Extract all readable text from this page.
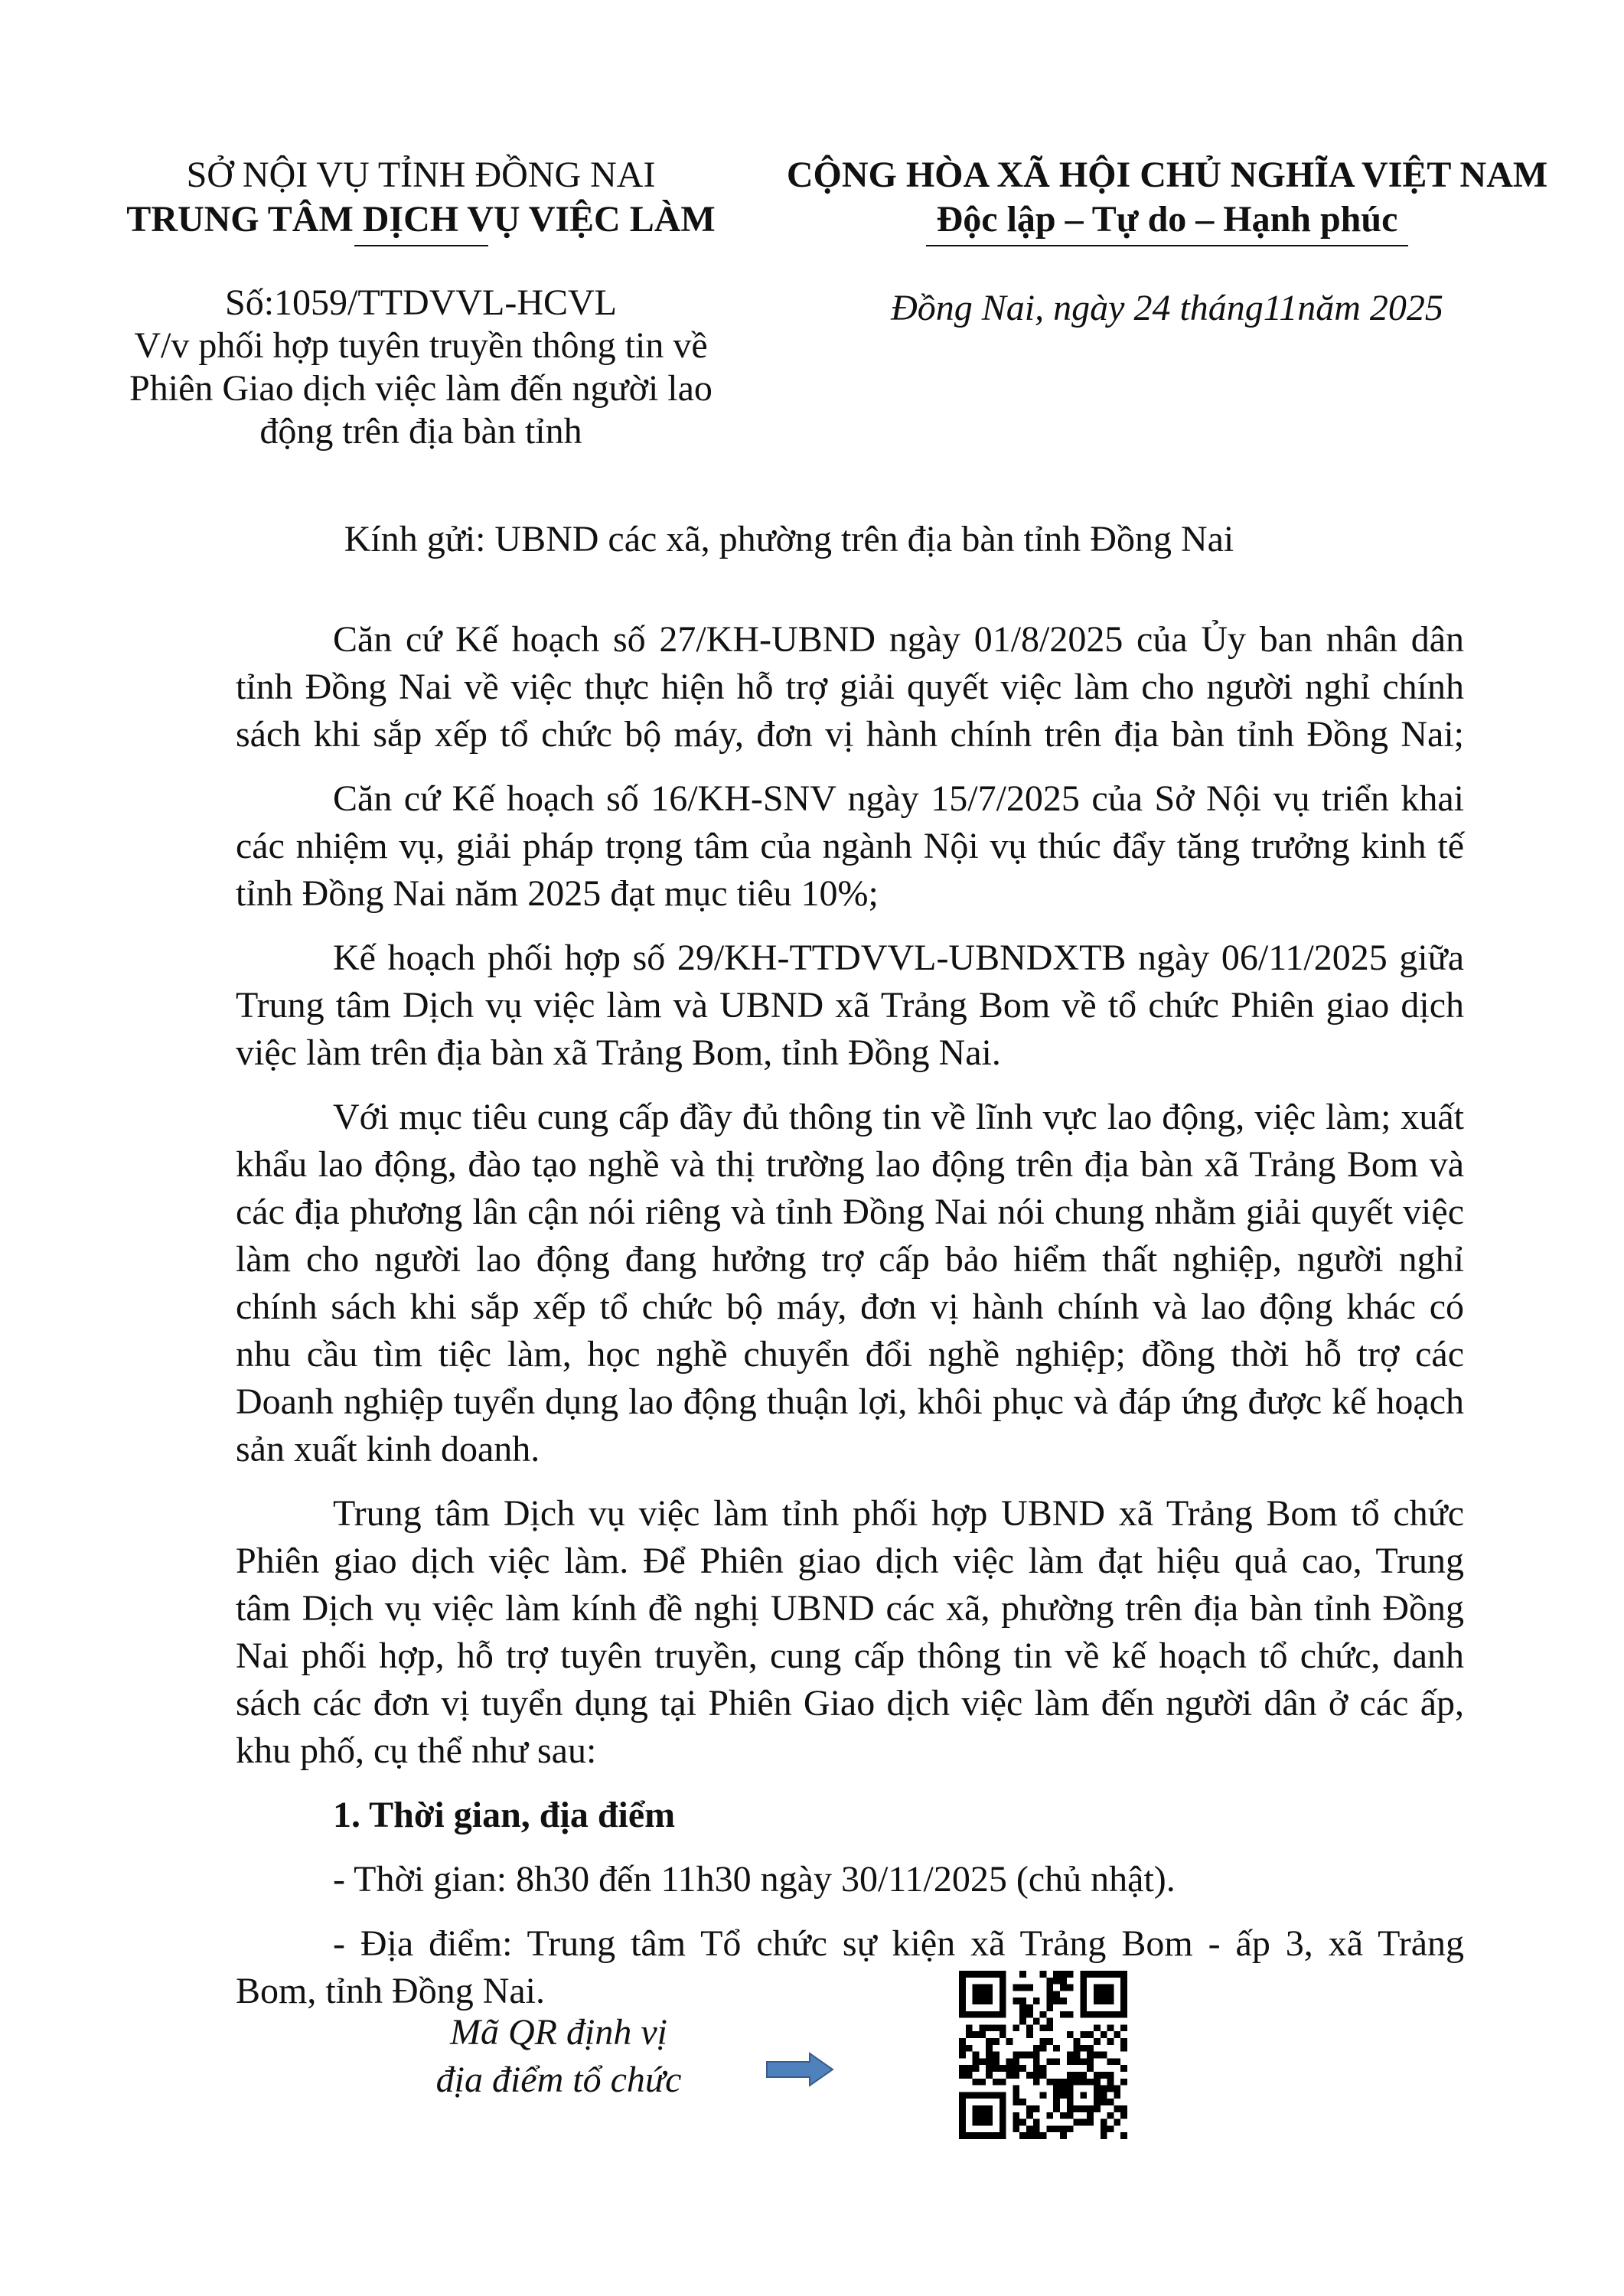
SỞ NỘI VỤ TỈNH ĐỒNG NAI
TRUNG TÂM DỊCH VỤ VIỆC LÀM
CỘNG HÒA XÃ HỘI CHỦ NGHĨA VIỆT NAM
Độc lập – Tự do – Hạnh phúc
Số:1059/TTDVVL-HCVL
V/v phối hợp tuyên truyền thông tin về
Phiên Giao dịch việc làm đến người lao
động trên địa bàn tỉnh
Đồng Nai, ngày 24 tháng11năm 2025
Kính gửi: UBND các xã, phường trên địa bàn tỉnh Đồng Nai
Căn cứ Kế hoạch số 27/KH-UBND ngày 01/8/2025 của Ủy ban nhân dân
tỉnh Đồng Nai về việc thực hiện hỗ trợ giải quyết việc làm cho người nghỉ chính
sách khi sắp xếp tổ chức bộ máy, đơn vị hành chính trên địa bàn tỉnh Đồng Nai;
Căn cứ Kế hoạch số 16/KH-SNV ngày 15/7/2025 của Sở Nội vụ triển khai
các nhiệm vụ, giải pháp trọng tâm của ngành Nội vụ thúc đẩy tăng trưởng kinh tế
tỉnh Đồng Nai năm 2025 đạt mục tiêu 10%;
Kế hoạch phối hợp số 29/KH-TTDVVL-UBNDXTB ngày 06/11/2025 giữa
Trung tâm Dịch vụ việc làm và UBND xã Trảng Bom về tổ chức Phiên giao dịch
việc làm trên địa bàn xã Trảng Bom, tỉnh Đồng Nai.
Với mục tiêu cung cấp đầy đủ thông tin về lĩnh vực lao động, việc làm; xuất
khẩu lao động, đào tạo nghề và thị trường lao động trên địa bàn xã Trảng Bom và
các địa phương lân cận nói riêng và tỉnh Đồng Nai nói chung nhằm giải quyết việc
làm cho người lao động đang hưởng trợ cấp bảo hiểm thất nghiệp, người nghỉ
chính sách khi sắp xếp tổ chức bộ máy, đơn vị hành chính và lao động khác có
nhu cầu tìm tiệc làm, học nghề chuyển đổi nghề nghiệp; đồng thời hỗ trợ các
Doanh nghiệp tuyển dụng lao động thuận lợi, khôi phục và đáp ứng được kế hoạch
sản xuất kinh doanh.
Trung tâm Dịch vụ việc làm tỉnh phối hợp UBND xã Trảng Bom tổ chức
Phiên giao dịch việc làm. Để Phiên giao dịch việc làm đạt hiệu quả cao, Trung
tâm Dịch vụ việc làm kính đề nghị UBND các xã, phường trên địa bàn tỉnh Đồng
Nai phối hợp, hỗ trợ tuyên truyền, cung cấp thông tin về kế hoạch tổ chức, danh
sách các đơn vị tuyển dụng tại Phiên Giao dịch việc làm đến người dân ở các ấp,
khu phố, cụ thể như sau:
1. Thời gian, địa điểm
- Thời gian: 8h30 đến 11h30 ngày 30/11/2025 (chủ nhật).
- Địa điểm: Trung tâm Tổ chức sự kiện xã Trảng Bom - ấp 3, xã Trảng
Bom, tỉnh Đồng Nai.
Mã QR định vị
địa điểm tổ chức
